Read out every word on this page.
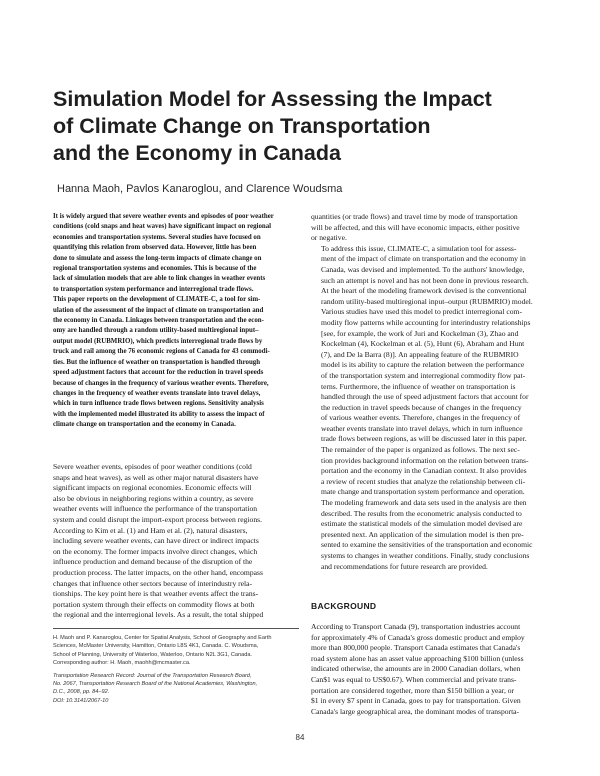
Simulation Model for Assessing the Impact
of Climate Change on Transportation
and the Economy in Canada

Hanna Maoh, Pavlos Kanaroglou, and Clarence Woudsma

It is widely argued that severe weather events and episodes of poor weather
conditions (cold snaps and heat waves) have significant impact on regional
economies and transportation systems. Several studies have focused on
quantifying this relation from observed data. However, little has been
done to simulate and assess the long-term impacts of climate change on
regional transportation systems and economies. This is because of the
lack of simulation models that are able to link changes in weather events
to transportation system performance and interregional trade flows.
This paper reports on the development of CLIMATE-C, a tool for sim-
ulation of the assessment of the impact of climate on transportation and
the economy in Canada. Linkages between transportation and the econ-
omy are handled through a random utility-based multiregional input–
output model (RUBMRIO), which predicts interregional trade flows by
truck and rail among the 76 economic regions of Canada for 43 commodi-
ties. But the influence of weather on transportation is handled through
speed adjustment factors that account for the reduction in travel speeds
because of changes in the frequency of various weather events. Therefore,
changes in the frequency of weather events translate into travel delays,
which in turn influence trade flows between regions. Sensitivity analysis
with the implemented model illustrated its ability to assess the impact of
climate change on transportation and the economy in Canada.
Severe weather events, episodes of poor weather conditions (cold
snaps and heat waves), as well as other major natural disasters have
significant impacts on regional economies. Economic effects will
also be obvious in neighboring regions within a country, as severe
weather events will influence the performance of the transportation
system and could disrupt the import-export process between regions.
According to Kim et al. (1) and Ham et al. (2), natural disasters,
including severe weather events, can have direct or indirect impacts
on the economy. The former impacts involve direct changes, which
influence production and demand because of the disruption of the
production process. The latter impacts, on the other hand, encompass
changes that influence other sectors because of interindustry rela-
tionships. The key point here is that weather events affect the trans-
portation system through their effects on commodity flows at both
the regional and the interregional levels. As a result, the total shipped
H. Maoh and P. Kanaroglou, Center for Spatial Analysis, School of Geography and Earth
Sciences, McMaster University, Hamilton, Ontario L8S 4K1, Canada. C. Woudsma,
School of Planning, University of Waterloo, Waterloo, Ontario N2L 3G1, Canada.
Corresponding author: H. Maoh, maohh@mcmaster.ca.
Transportation Research Record: Journal of the Transportation Research Board,
No. 2067, Transportation Research Board of the National Academies, Washington,
D.C., 2008, pp. 84–92.
DOI: 10.3141/2067-10
quantities (or trade flows) and travel time by mode of transportation
will be affected, and this will have economic impacts, either positive
or negative.
To address this issue, CLIMATE-C, a simulation tool for assess-
ment of the impact of climate on transportation and the economy in
Canada, was devised and implemented. To the authors' knowledge,
such an attempt is novel and has not been done in previous research.
At the heart of the modeling framework devised is the conventional
random utility-based multiregional input–output (RUBMRIO) model.
Various studies have used this model to predict interregional com-
modity flow patterns while accounting for interindustry relationships
[see, for example, the work of Juri and Kockelman (3), Zhao and
Kockelman (4), Kockelman et al. (5), Hunt (6), Abraham and Hunt
(7), and De la Barra (8)]. An appealing feature of the RUBMRIO
model is its ability to capture the relation between the performance
of the transportation system and interregional commodity flow pat-
terns. Furthermore, the influence of weather on transportation is
handled through the use of speed adjustment factors that account for
the reduction in travel speeds because of changes in the frequency
of various weather events. Therefore, changes in the frequency of
weather events translate into travel delays, which in turn influence
trade flows between regions, as will be discussed later in this paper.
The remainder of the paper is organized as follows. The next sec-
tion provides background information on the relation between trans-
portation and the economy in the Canadian context. It also provides
a review of recent studies that analyze the relationship between cli-
mate change and transportation system performance and operation.
The modeling framework and data sets used in the analysis are then
described. The results from the econometric analysis conducted to
estimate the statistical models of the simulation model devised are
presented next. An application of the simulation model is then pre-
sented to examine the sensitivities of the transportation and economic
systems to changes in weather conditions. Finally, study conclusions
and recommendations for future research are provided.
BACKGROUND
According to Transport Canada (9), transportation industries account
for approximately 4% of Canada's gross domestic product and employ
more than 800,000 people. Transport Canada estimates that Canada's
road system alone has an asset value approaching $100 billion (unless
indicated otherwise, the amounts are in 2000 Canadian dollars, when
Can$1 was equal to US$0.67). When commercial and private trans-
portation are considered together, more than $150 billion a year, or
$1 in every $7 spent in Canada, goes to pay for transportation. Given
Canada's large geographical area, the dominant modes of transporta-
84
